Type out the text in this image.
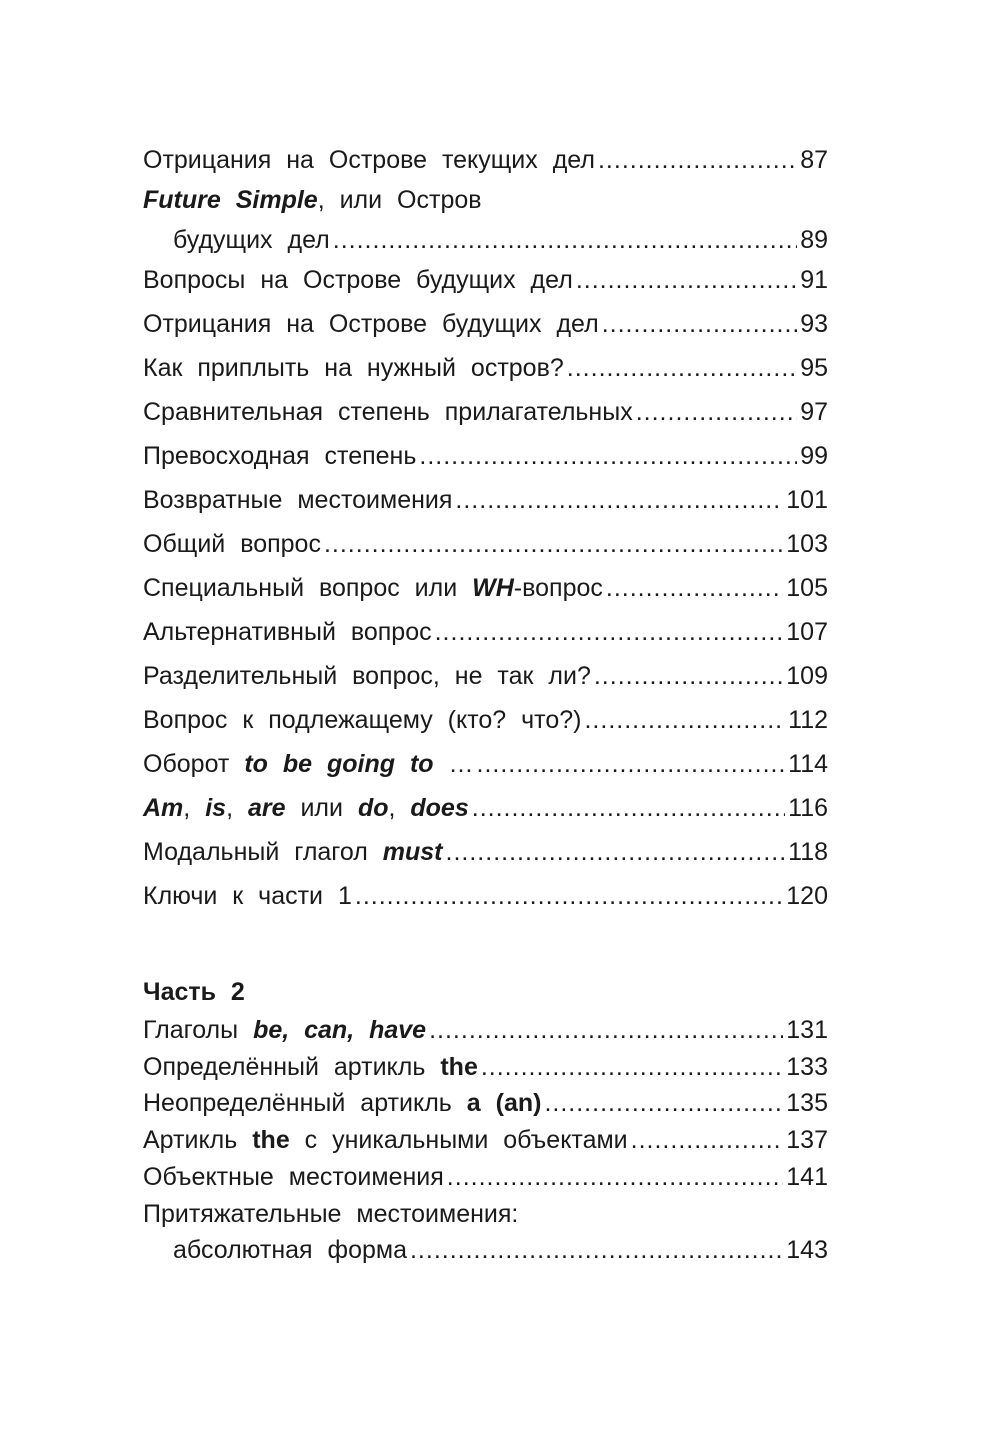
Отрицания на Острове текущих дел .....	87
Future Simple, или Остров
будущих дел .....	89
Вопросы на Острове будущих дел .....	91
Отрицания на Острове будущих дел .....	93
Как приплыть на нужный остров? .....	95
Сравнительная степень прилагательных .....	97
Превосходная степень .....	99
Возвратные местоимения .....	101
Общий вопрос .....	103
Специальный вопрос или WH-вопрос .....	105
Альтернативный вопрос .....	107
Разделительный вопрос, не так ли? .....	109
Вопрос к подлежащему (кто? что?) .....	112
Оборот to be going to … .....	114
Am, is, are или do, does .....	116
Модальный глагол must .....	118
Ключи к части 1 .....	120
Часть 2
Глаголы be, can, have .....	131
Определённый артикль the .....	133
Неопределённый артикль a (an) .....	135
Артикль the с уникальными объектами .....	137
Объектные местоимения .....	141
Притяжательные местоимения:
абсолютная форма .....	143
